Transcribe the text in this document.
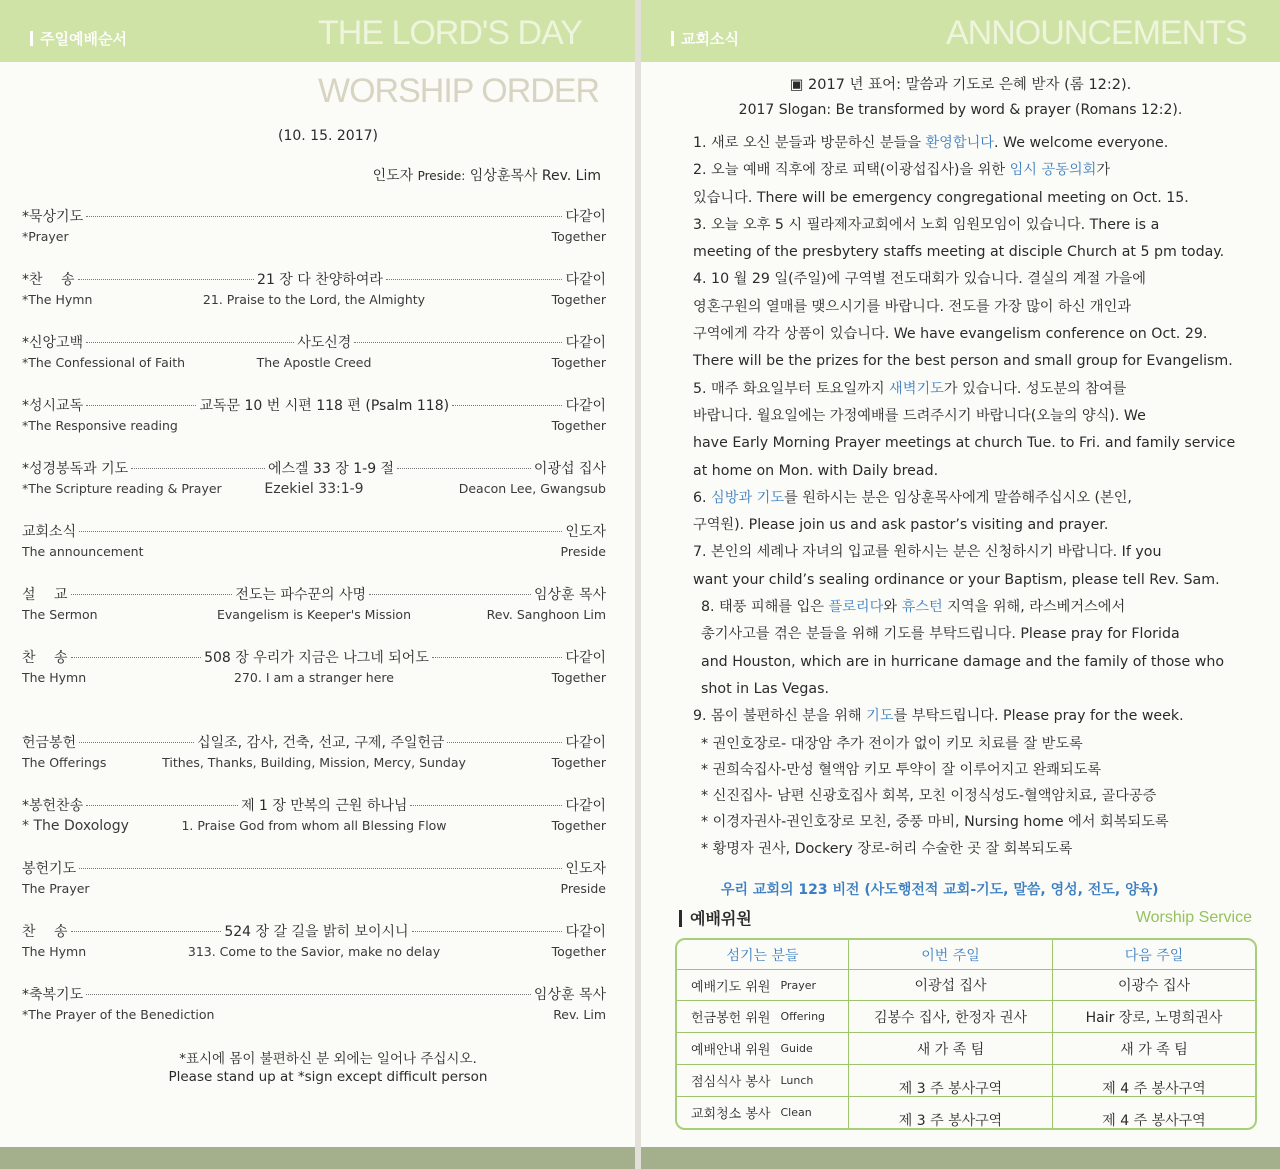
주일예배순서	THE LORD'S DAY
WORSHIP ORDER
(10. 15. 2017)
인도자 Preside: 임상훈목사 Rev. Lim
*묵상기도	다같이
*Prayer	Together
*찬　 송	21 장 다 찬양하여라	다같이
*The Hymn	21. Praise to the Lord, the Almighty	Together
*신앙고백	사도신경	다같이
*The Confessional of Faith	The Apostle Creed	Together
*성시교독	교독문 10 번 시편 118 편 (Psalm 118)	다같이
*The Responsive reading	Together
*성경봉독과 기도	에스겔 33 장 1-9 절	이광섭 집사
*The Scripture reading & Prayer	Ezekiel 33:1-9	Deacon Lee, Gwangsub
교회소식	인도자
The announcement	Preside
설　 교	전도는 파수꾼의 사명	임상훈 목사
The Sermon	Evangelism is Keeper's Mission	Rev. Sanghoon Lim
찬　 송	508 장 우리가 지금은 나그네 되어도	다같이
The Hymn	270. I am a stranger here	Together
헌금봉헌	십일조, 감사, 건축, 선교, 구제, 주일헌금	다같이
The Offerings	Tithes, Thanks, Building, Mission, Mercy, Sunday	Together
*봉헌찬송	제 1 장 만복의 근원 하나님	다같이
* The Doxology	1. Praise God from whom all Blessing Flow	Together
봉헌기도	인도자
The Prayer	Preside
찬　 송	524 장 갈 길을 밝히 보이시니	다같이
The Hymn	313. Come to the Savior, make no delay	Together
*축복기도	임상훈 목사
*The Prayer of the Benediction	Rev. Lim
*표시에 몸이 불편하신 분 외에는 일어나 주십시오.
Please stand up at *sign except difficult person
교회소식	ANNOUNCEMENTS
▣ 2017 년 표어: 말씀과 기도로 은혜 받자 (롬 12:2).
2017 Slogan: Be transformed by word & prayer (Romans 12:2).
1. 새로 오신 분들과 방문하신 분들을 환영합니다. We welcome everyone.
2. 오늘 예배 직후에 장로 피택(이광섭집사)을 위한 임시 공동의회가
있습니다. There will be emergency congregational meeting on Oct. 15.
3. 오늘 오후 5 시 필라제자교회에서 노회 임원모임이 있습니다. There is a
meeting of the presbytery staffs meeting at disciple Church at 5 pm today.
4. 10 월 29 일(주일)에 구역별 전도대회가 있습니다. 결실의 계절 가을에
영혼구원의 열매를 맺으시기를 바랍니다. 전도를 가장 많이 하신 개인과
구역에게 각각 상품이 있습니다. We have evangelism conference on Oct. 29.
There will be the prizes for the best person and small group for Evangelism.
5. 매주 화요일부터 토요일까지 새벽기도가 있습니다. 성도분의 참여를
바랍니다. 월요일에는 가정예배를 드려주시기 바랍니다(오늘의 양식). We
have Early Morning Prayer meetings at church Tue. to Fri. and family service
at home on Mon. with Daily bread.
6. 심방과 기도를 원하시는 분은 임상훈목사에게 말씀해주십시오 (본인,
구역원). Please join us and ask pastor’s visiting and prayer.
7. 본인의 세례나 자녀의 입교를 원하시는 분은 신청하시기 바랍니다. If you
want your child’s sealing ordinance or your Baptism, please tell Rev. Sam.
8. 태풍 피해를 입은 플로리다와 휴스턴 지역을 위해, 라스베거스에서
총기사고를 겪은 분들을 위해 기도를 부탁드립니다. Please pray for Florida
and Houston, which are in hurricane damage and the family of those who
shot in Las Vegas.
9. 몸이 불편하신 분을 위해 기도를 부탁드립니다. Please pray for the week.
* 권인호장로- 대장암 추가 전이가 없이 키모 치료를 잘 받도록
* 권희숙집사-만성 혈액암 키모 투약이 잘 이루어지고 완쾌되도록
* 신진집사- 남편 신광호집사 회복, 모친 이정식성도-혈액암치료, 골다공증
* 이경자권사-권인호장로 모친, 중풍 마비, Nursing home 에서 회복되도록
* 황명자 권사, Dockery 장로-허리 수술한 곳 잘 회복되도록
우리 교회의 123 비전 (사도행전적 교회-기도, 말씀, 영성, 전도, 양육)
예배위원	Worship Service
섬기는 분들	이번 주일	다음 주일
예배기도 위원 Prayer	이광섭 집사	이광수 집사
헌금봉헌 위원 Offering	김봉수 집사, 한정자 권사	Hair 장로, 노명희권사
예배안내 위원 Guide	새 가 족 팀	새 가 족 팀
점심식사 봉사 Lunch	제 3 주 봉사구역	제 4 주 봉사구역
교회청소 봉사 Clean	제 3 주 봉사구역	제 4 주 봉사구역
